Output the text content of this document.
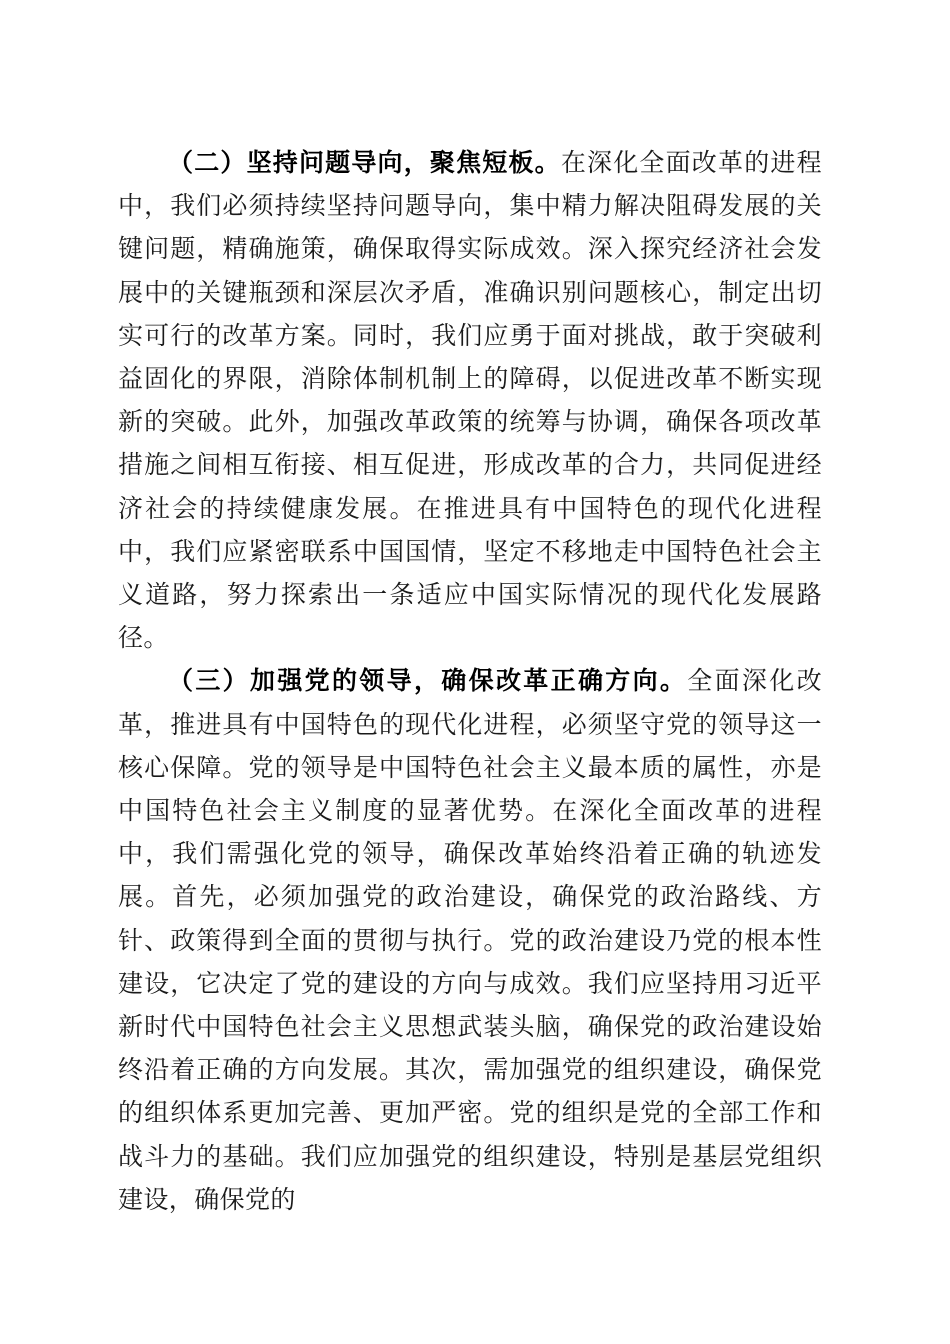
（二）坚持问题导向，聚焦短板。在深化全面改革的进程中，我们必须持续坚持问题导向，集中精力解决阻碍发展的关键问题，精确施策，确保取得实际成效。深入探究经济社会发展中的关键瓶颈和深层次矛盾，准确识别问题核心，制定出切实可行的改革方案。同时，我们应勇于面对挑战，敢于突破利益固化的界限，消除体制机制上的障碍，以促进改革不断实现新的突破。此外，加强改革政策的统筹与协调，确保各项改革措施之间相互衔接、相互促进，形成改革的合力，共同促进经济社会的持续健康发展。在推进具有中国特色的现代化进程中，我们应紧密联系中国国情，坚定不移地走中国特色社会主义道路，努力探索出一条适应中国实际情况的现代化发展路径。

（三）加强党的领导，确保改革正确方向。全面深化改革，推进具有中国特色的现代化进程，必须坚守党的领导这一核心保障。党的领导是中国特色社会主义最本质的属性，亦是中国特色社会主义制度的显著优势。在深化全面改革的进程中，我们需强化党的领导，确保改革始终沿着正确的轨迹发展。首先，必须加强党的政治建设，确保党的政治路线、方针、政策得到全面的贯彻与执行。党的政治建设乃党的根本性建设，它决定了党的建设的方向与成效。我们应坚持用习近平新时代中国特色社会主义思想武装头脑，确保党的政治建设始终沿着正确的方向发展。其次，需加强党的组织建设，确保党的组织体系更加完善、更加严密。党的组织是党的全部工作和战斗力的基础。我们应加强党的组织建设，特别是基层党组织建设，确保党的
